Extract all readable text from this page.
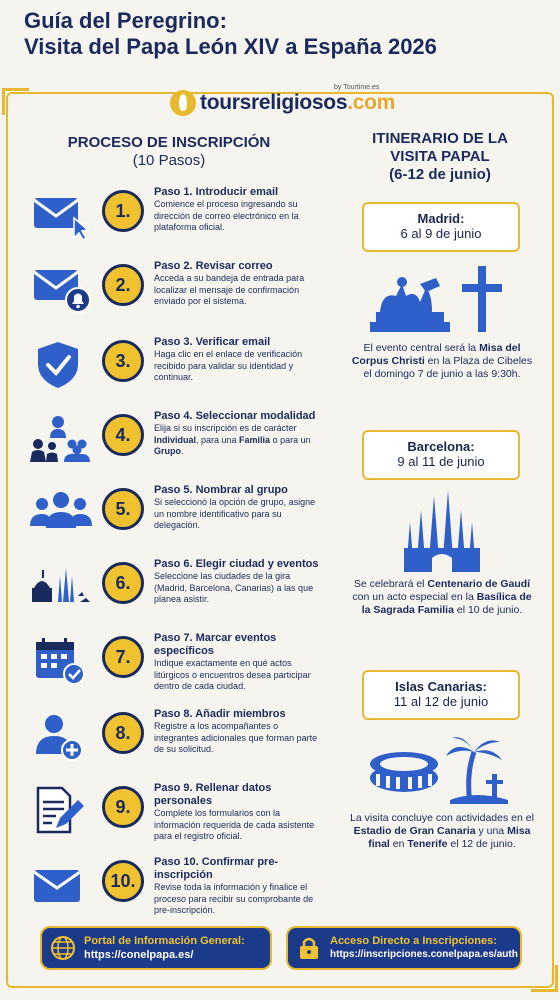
Guía del Peregrino:
Visita del Papa León XIV a España 2026
toursreligiosos.com
by Tourtime.es
PROCESO DE INSCRIPCIÓN
(10 Pasos)
1.
Paso 1. Introducir email
Comience el proceso ingresando su dirección de correo electrónico en la plataforma oficial.
2.
Paso 2. Revisar correo
Acceda a su bandeja de entrada para localizar el mensaje de confirmación enviado por el sistema.
3.
Paso 3. Verificar email
Haga clic en el enlace de verificación recibido para validar su identidad y continuar.
4.
Paso 4. Seleccionar modalidad
Elija si su inscripción es de carácter Individual, para una Familia o para un Grupo.
5.
Paso 5. Nombrar al grupo
Si seleccionó la opción de grupo, asigne un nombre identificativo para su delegación.
6.
Paso 6. Elegir ciudad y eventos
Seleccione las ciudades de la gira (Madrid, Barcelona, Canarias) a las que planea asistir.
7.
Paso 7. Marcar eventos específicos
Indique exactamente en qué actos litúrgicos o encuentros desea participar dentro de cada ciudad.
8.
Paso 8. Añadir miembros
Registre a los acompañantes o integrantes adicionales que forman parte de su solicitud.
9.
Paso 9. Rellenar datos personales
Complete los formularios con la información requerida de cada asistente para el registro oficial.
10.
Paso 10. Confirmar pre-inscripción
Revise toda la información y finalice el proceso para recibir su comprobante de pre-inscripción.
ITINERARIO DE LA
VISITA PAPAL
(6-12 de junio)
Madrid:
6 al 9 de junio
El evento central será la Misa del Corpus Christi en la Plaza de Cibeles el domingo 7 de junio a las 9:30h.
Barcelona:
9 al 11 de junio
Se celebrará el Centenario de Gaudí con un acto especial en la Basílica de la Sagrada Familia el 10 de junio.
Islas Canarias:
11 al 12 de junio
La visita concluye con actividades en el Estadio de Gran Canaria y una Misa final en Tenerife el 12 de junio.
Portal de Información General:
https://conelpapa.es/
Acceso Directo a Inscripciones:
https://inscripciones.conelpapa.es/auth
